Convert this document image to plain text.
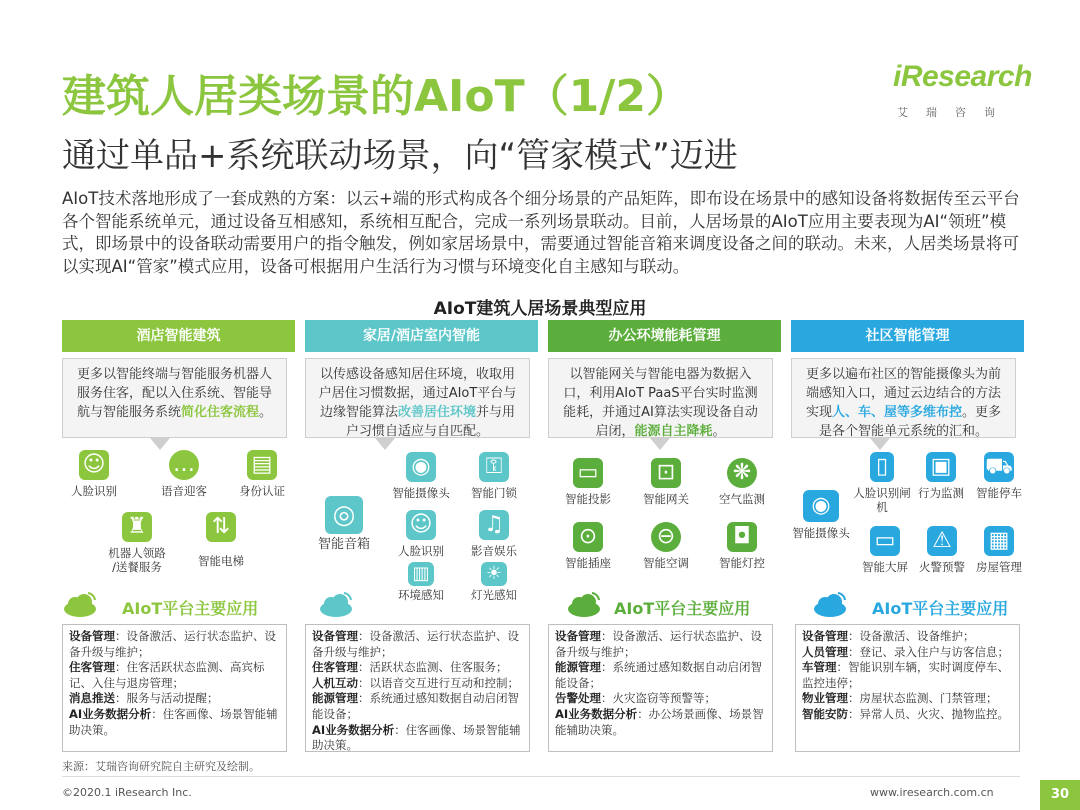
建筑人居类场景的AIoT（1/2）
通过单品+系统联动场景，向“管家模式”迈进
iResearch
艾瑞咨询
AIoT技术落地形成了一套成熟的方案：以云+端的形式构成各个细分场景的产品矩阵，即布设在场景中的感知设备将数据传至云平台各个智能系统单元，通过设备互相感知，系统相互配合，完成一系列场景联动。目前，人居场景的AIoT应用主要表现为AI“领班”模式，即场景中的设备联动需要用户的指令触发，例如家居场景中，需要通过智能音箱来调度设备之间的联动。未来，人居类场景将可以实现AI“管家”模式应用，设备可根据用户生活行为习惯与环境变化自主感知与联动。
AIoT建筑人居场景典型应用
酒店智能建筑	家居/酒店室内智能	办公环境能耗管理	社区智能管理
更多以智能终端与智能服务机器人服务住客，配以入住系统、智能导航与智能服务系统简化住客流程。
以传感设备感知居住环境，收取用户居住习惯数据，通过AIoT平台与边缘智能算法改善居住环境并与用户习惯自适应与自匹配。
以智能网关与智能电器为数据入口，利用AIoT PaaS平台实时监测能耗，并通过AI算法实现设备自动启闭，能源自主降耗。
更多以遍布社区的智能摄像头为前端感知入口，通过云边结合的方法实现人、车、屋等多维布控。更多是各个智能单元系统的汇和。
☺
人脸识别
…
语音迎客
▤
身份认证
♜
机器人领路
/送餐服务
⇅
智能电梯
◉
智能摄像头
⚿
智能门锁
◎
智能音箱
☺
人脸识别
♫
影音娱乐
▥
环境感知
☀
灯光感知
▭
智能投影
⊡
智能网关
❋
空气监测
⊙
智能插座
⊖
智能空调
◘
智能灯控
◉
智能摄像头
▯
人脸识别闸机
▣
行为监测
⛟
智能停车
▭
智能大屏
⚠
火警预警
▦
房屋管理
AIoT平台主要应用	AIoT平台主要应用	AIoT平台主要应用
设备管理：设备激活、运行状态监护、设备升级与维护；
住客管理：住客活跃状态监测、高宾标记、入住与退房管理；
消息推送：服务与活动提醒；
AI业务数据分析：住客画像、场景智能辅助决策。
设备管理：设备激活、运行状态监护、设备升级与维护；
住客管理：活跃状态监测、住客服务；
人机互动：以语音交互进行互动和控制；
能源管理：系统通过感知数据自动启闭智能设备；
AI业务数据分析：住客画像、场景智能辅助决策。
设备管理：设备激活、运行状态监护、设备升级与维护；
能源管理：系统通过感知数据自动启闭智能设备；
告警处理：火灾盗窃等预警等；
AI业务数据分析：办公场景画像、场景智能辅助决策。
设备管理：设备激活、设备维护；
人员管理：登记、录入住户与访客信息；
车管理：智能识别车辆，实时调度停车、监控违停；
物业管理：房屋状态监测、门禁管理；
智能安防：异常人员、火灾、抛物监控。
来源：艾瑞咨询研究院自主研究及绘制。
©2020.1 iResearch Inc.	www.iresearch.com.cn	30
